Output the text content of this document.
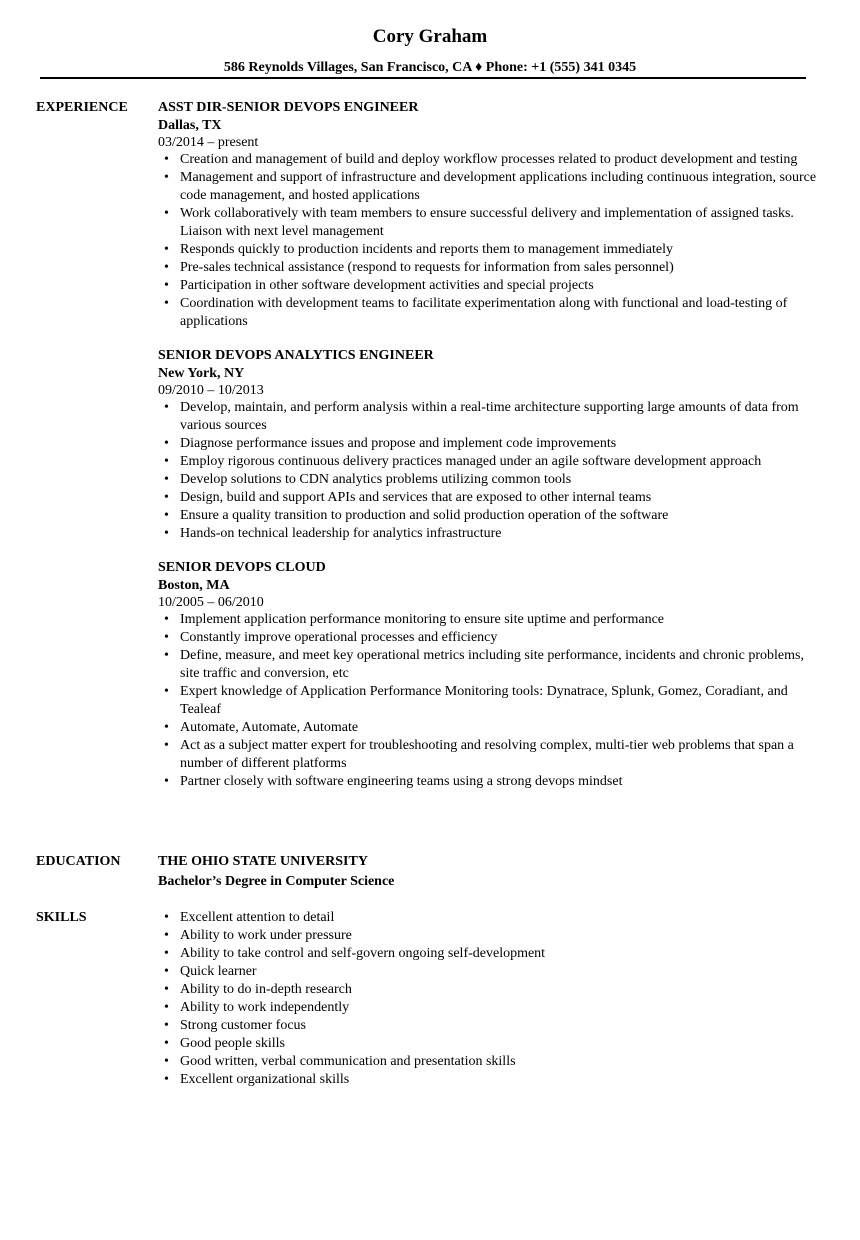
Cory Graham
586 Reynolds Villages, San Francisco, CA ♦ Phone: +1 (555) 341 0345
EXPERIENCE ASST DIR-SENIOR DEVOPS ENGINEER
Dallas, TX
03/2014 – present
• Creation and management of build and deploy workflow processes related to product development and testing
• Management and support of infrastructure and development applications including continuous integration, source code management, and hosted applications
• Work collaboratively with team members to ensure successful delivery and implementation of assigned tasks. Liaison with next level management
• Responds quickly to production incidents and reports them to management immediately
• Pre-sales technical assistance (respond to requests for information from sales personnel)
• Participation in other software development activities and special projects
• Coordination with development teams to facilitate experimentation along with functional and load-testing of applications
SENIOR DEVOPS ANALYTICS ENGINEER
New York, NY
09/2010 – 10/2013
• Develop, maintain, and perform analysis within a real-time architecture supporting large amounts of data from various sources
• Diagnose performance issues and propose and implement code improvements
• Employ rigorous continuous delivery practices managed under an agile software development approach
• Develop solutions to CDN analytics problems utilizing common tools
• Design, build and support APIs and services that are exposed to other internal teams
• Ensure a quality transition to production and solid production operation of the software
• Hands-on technical leadership for analytics infrastructure
SENIOR DEVOPS CLOUD
Boston, MA
10/2005 – 06/2010
• Implement application performance monitoring to ensure site uptime and performance
• Constantly improve operational processes and efficiency
• Define, measure, and meet key operational metrics including site performance, incidents and chronic problems, site traffic and conversion, etc
• Expert knowledge of Application Performance Monitoring tools: Dynatrace, Splunk, Gomez, Coradiant, and Tealeaf
• Automate, Automate, Automate
• Act as a subject matter expert for troubleshooting and resolving complex, multi-tier web problems that span a number of different platforms
• Partner closely with software engineering teams using a strong devops mindset
EDUCATION	THE OHIO STATE UNIVERSITY
Bachelor’s Degree in Computer Science
SKILLS
•	Excellent attention to detail
• Ability to work under pressure
• Ability to take control and self-govern ongoing self-development
• Quick learner
• Ability to do in-depth research
• Ability to work independently
• Strong customer focus
• Good people skills
• Good written, verbal communication and presentation skills
• Excellent organizational skills
